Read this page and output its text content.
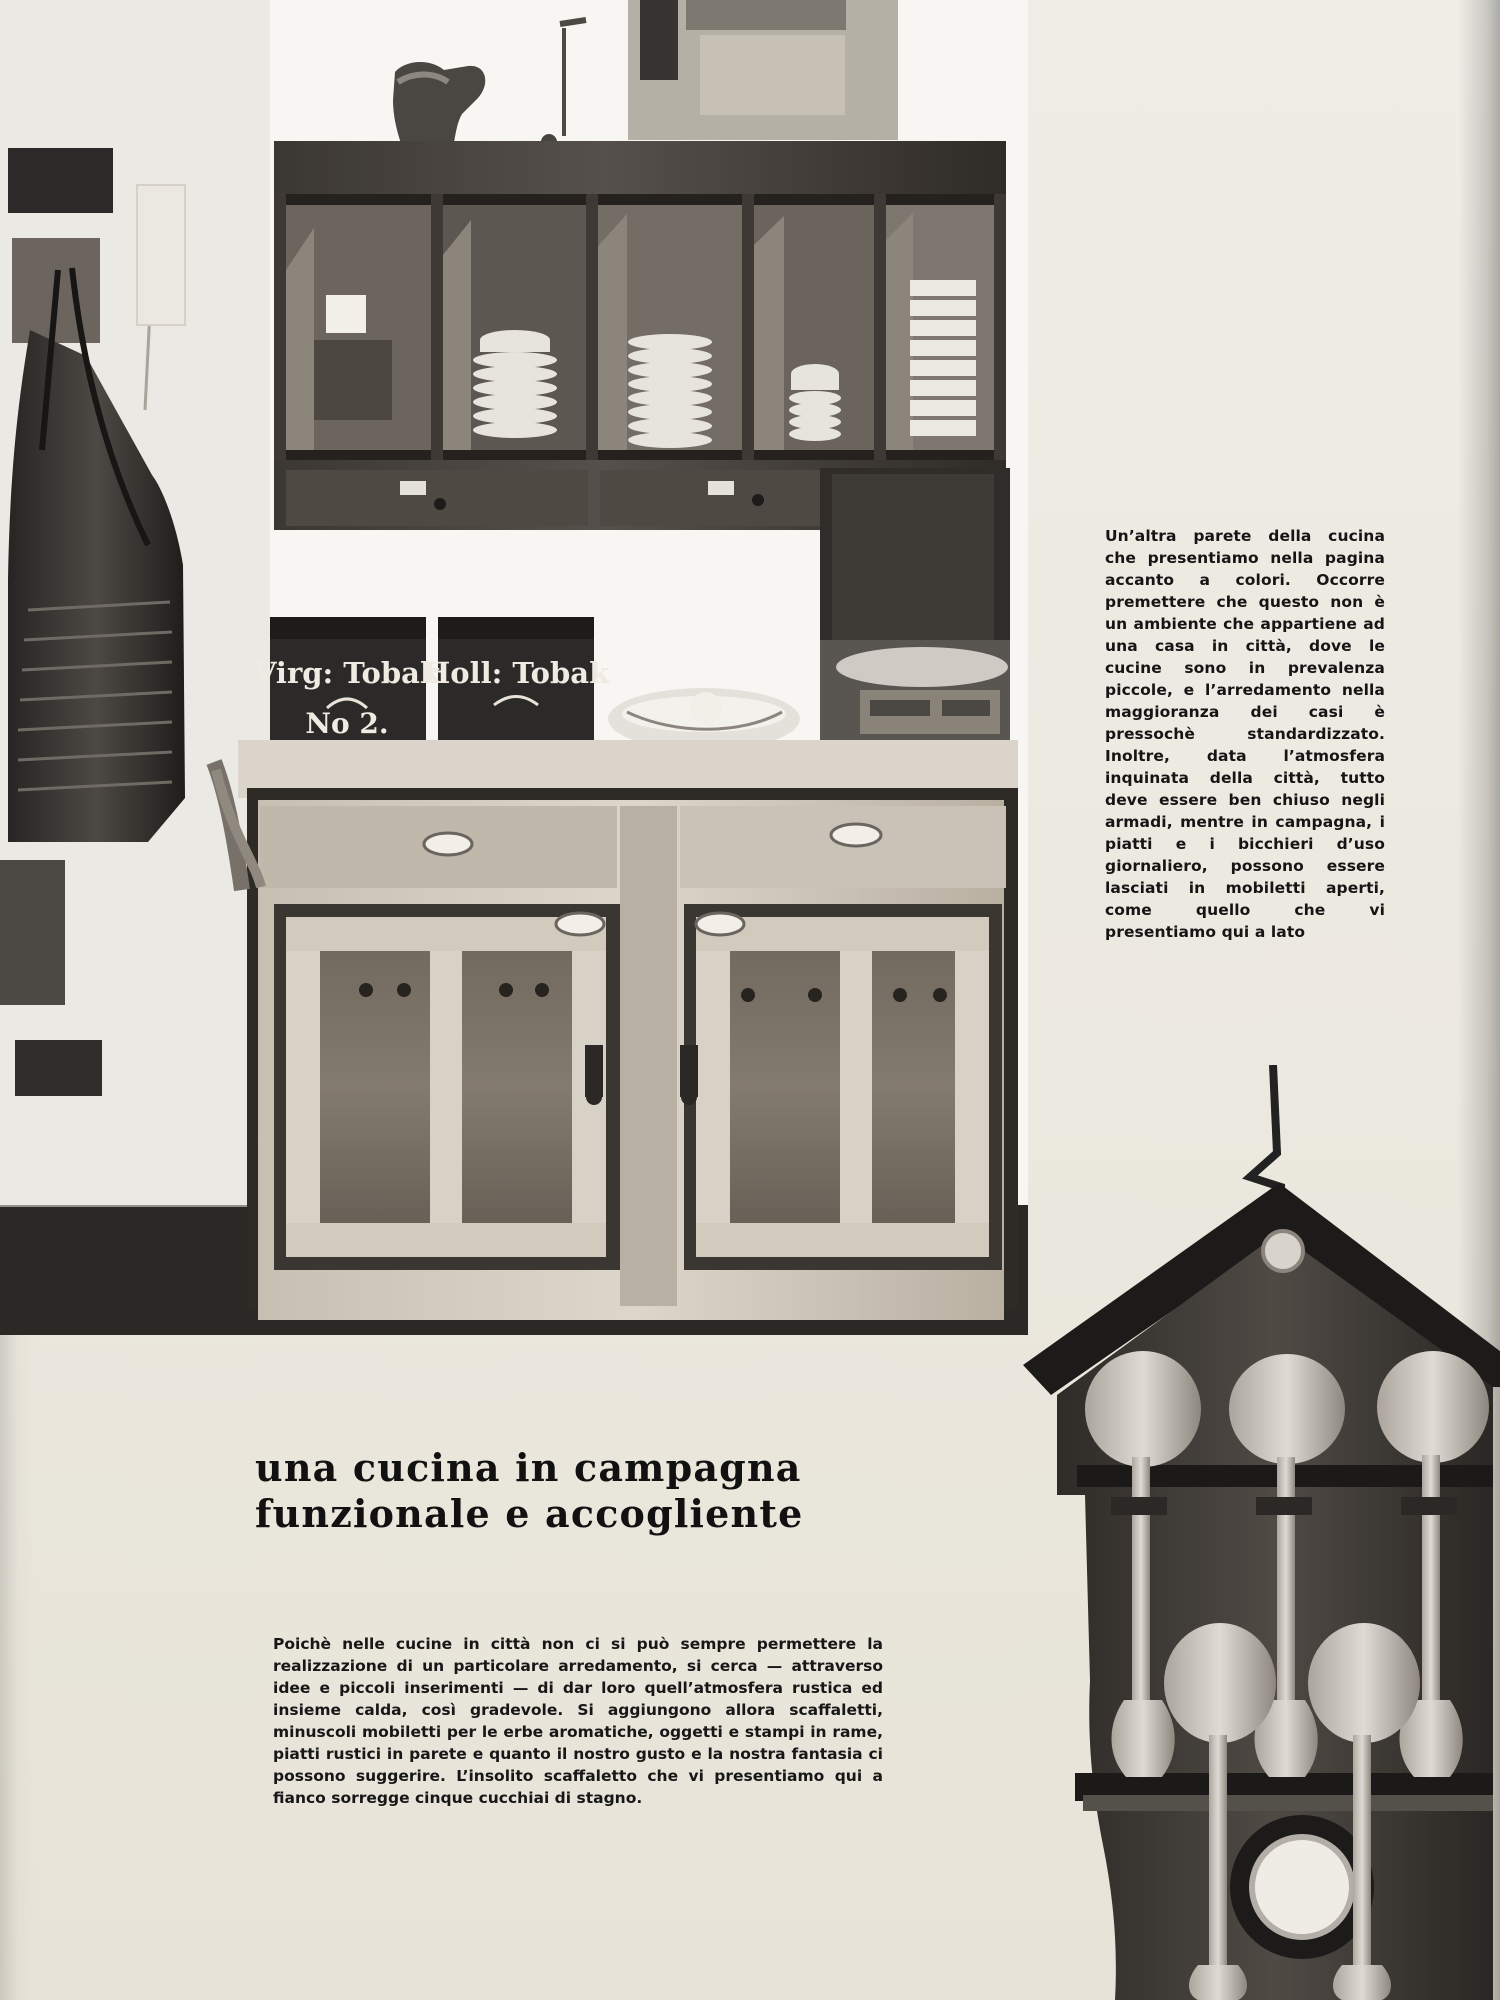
Virg: Tobak
No 2.
Holl: Tobak
Un’altra parete della cucina che presentiamo nella pagina accanto a colori. Occorre premettere che questo non è un ambiente che appartiene ad una casa in città, dove le cucine sono in prevalenza piccole, e l’arredamento nella maggioranza dei casi è pressochè standardizzato. Inoltre, data l’atmosfera inquinata della città, tutto deve essere ben chiuso negli armadi, mentre in campagna, i piatti e i bicchieri d’uso giornaliero, possono essere lasciati in mobiletti aperti, come quello che vi presentiamo qui a lato
una cucina in campagna
funzionale e accogliente
Poichè nelle cucine in città non ci si può sempre permettere la realizzazione di un particolare arredamento, si cerca — attraverso idee e piccoli inserimenti — di dar loro quell’atmosfera rustica ed insieme calda, così gradevole. Si aggiungono allora scaffaletti, minuscoli mobiletti per le erbe aromatiche, oggetti e stampi in rame, piatti rustici in parete e quanto il nostro gusto e la nostra fantasia ci possono suggerire. L’insolito scaffaletto che vi presentiamo qui a fianco sorregge cinque cucchiai di stagno.
